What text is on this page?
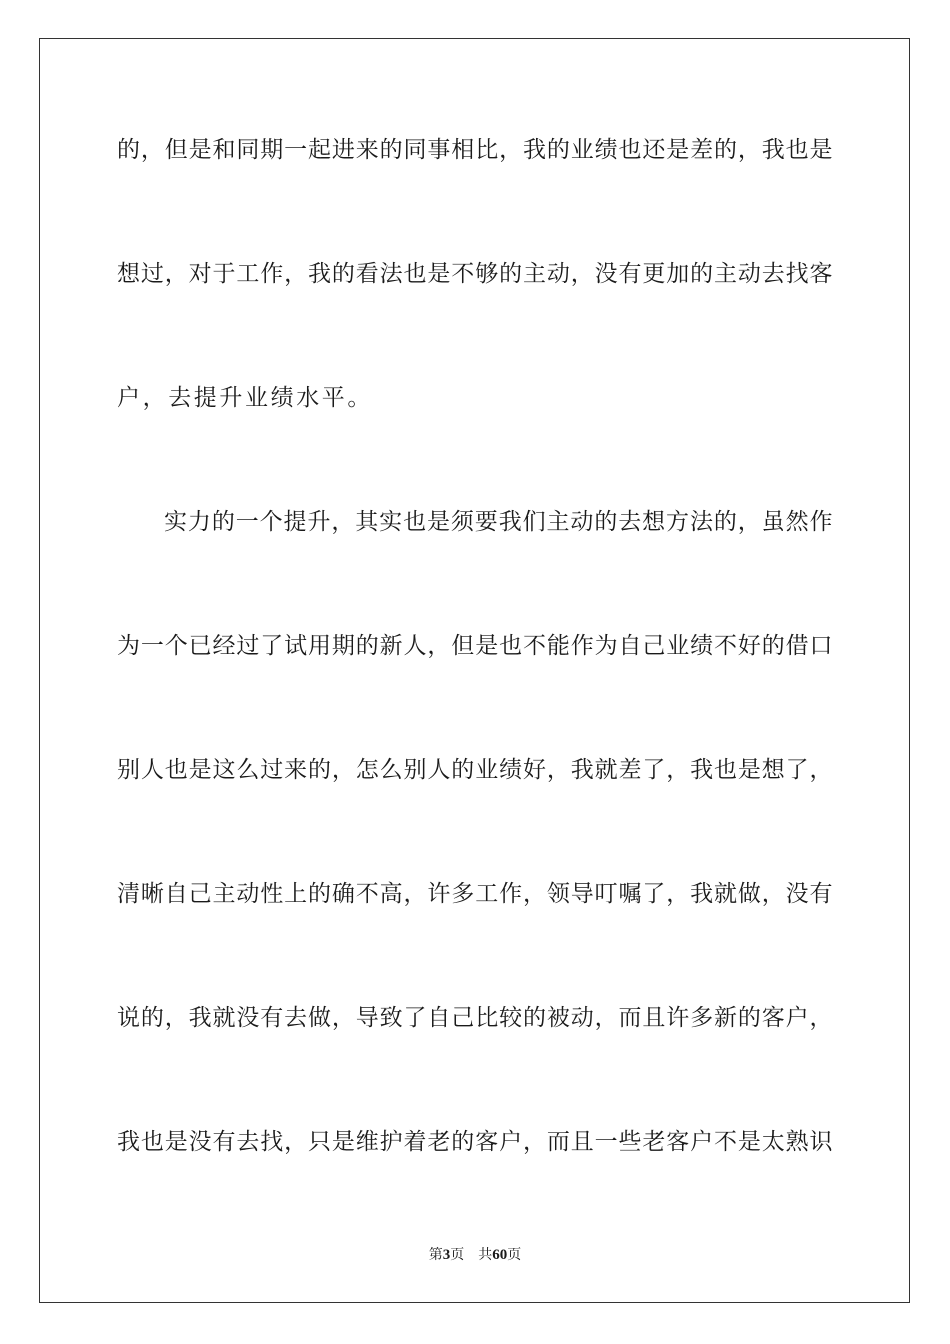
的，但是和同期一起进来的同事相比，我的业绩也还是差的，我也是
想过，对于工作，我的看法也是不够的主动，没有更加的主动去找客
户，去提升业绩水平。
实力的一个提升，其实也是须要我们主动的去想方法的，虽然作
为一个已经过了试用期的新人，但是也不能作为自己业绩不好的借口
别人也是这么过来的，怎么别人的业绩好，我就差了，我也是想了，
清晰自己主动性上的确不高，许多工作，领导叮嘱了，我就做，没有
说的，我就没有去做，导致了自己比较的被动，而且许多新的客户，
我也是没有去找，只是维护着老的客户，而且一些老客户不是太熟识
第3页 共60页
